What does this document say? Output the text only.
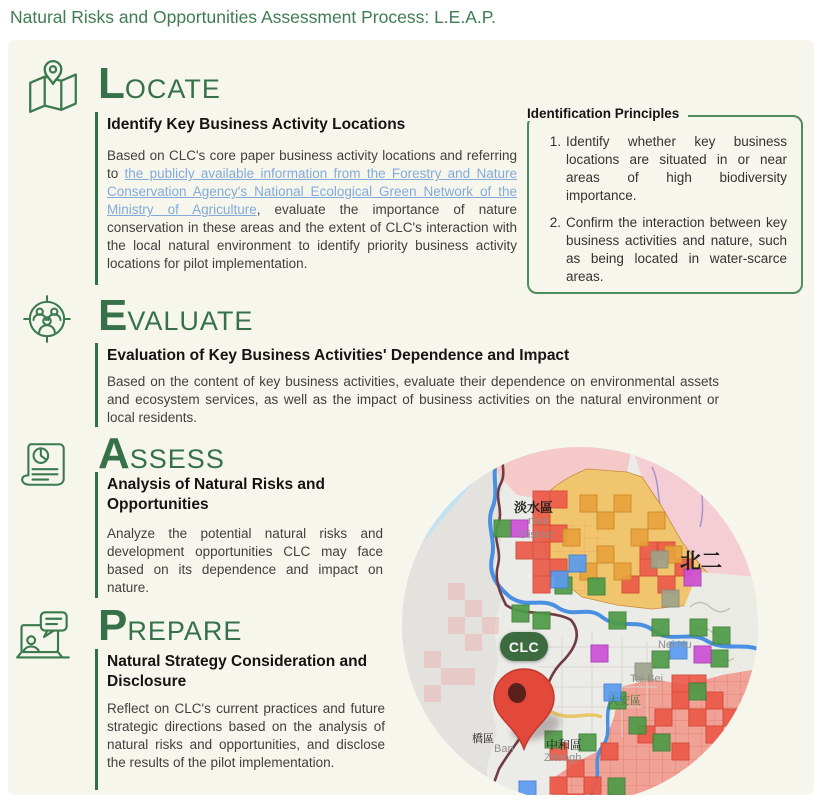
Natural Risks and Opportunities Assessment Process: L.E.A.P.
L OCATE
Identify Key Business Activity Locations
Based on CLC's core paper business activity locations and referring to the publicly available information from the Forestry and Nature Conservation Agency's National Ecological Green Network of the Ministry of Agriculture, evaluate the importance of nature conservation in these areas and the extent of CLC's interaction with the local natural environment to identify priority business activity locations for pilot implementation.
Identification Principles
1. Identify whether key business locations are situated in or near areas of high biodiversity importance.
2. Confirm the interaction between key business activities and nature, such as being located in water-scarce areas.
E VALUATE
Evaluation of Key Business Activities' Dependence and Impact
Based on the content of key business activities, evaluate their dependence on environmental assets and ecosystem services, as well as the impact of business activities on the natural environment or local residents.
A SSESS
Analysis of Natural Risks and Opportunities
Analyze the potential natural risks and development opportunities CLC may face based on its dependence and impact on nature.
P REPARE
Natural Strategy Consideration and Disclosure
Reflect on CLC's current practices and future strategic directions based on the analysis of natural risks and opportunities, and disclose the results of the pilot implementation.
淡水區
nsui
District
北二
Nei Hu
Tai Bei
大安區
橋區
Ban	中和區
Zhongh
CLC
